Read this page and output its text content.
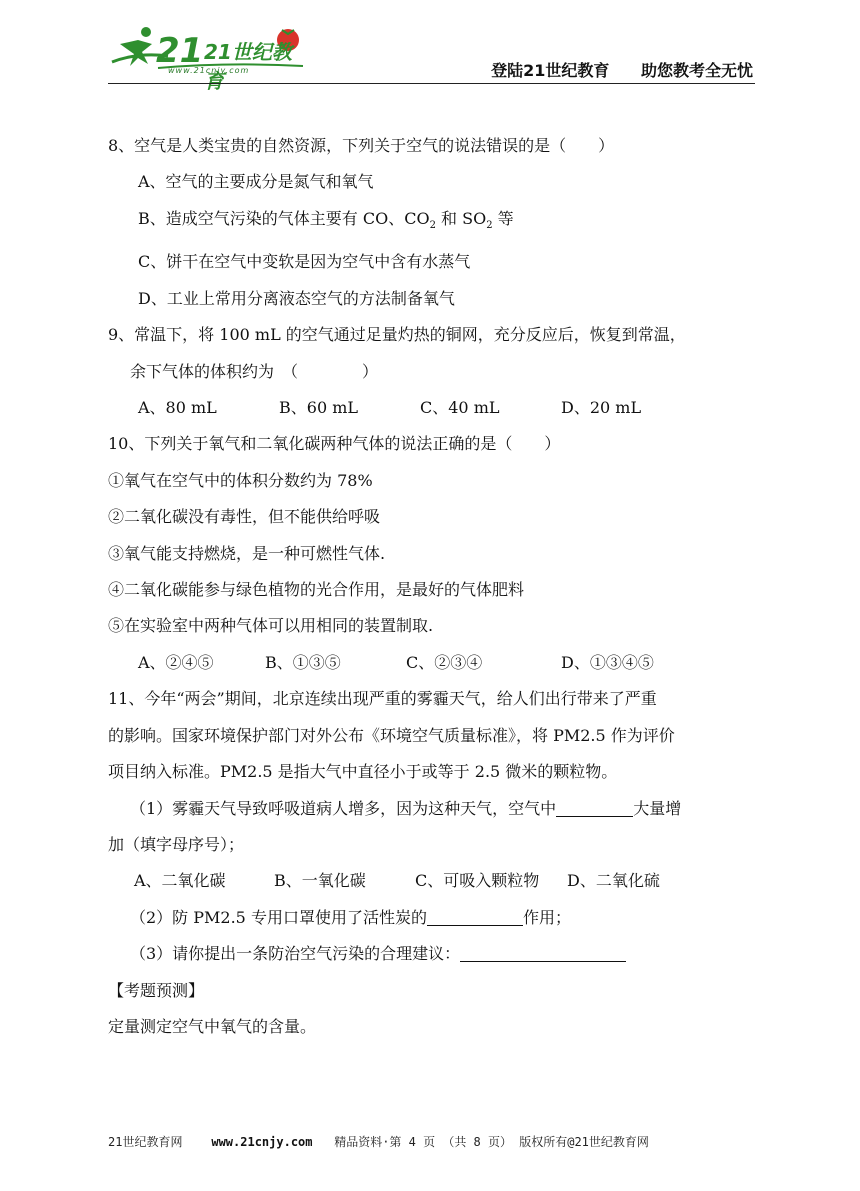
21 21世纪教育
www.21cnjy.com	登陆21世纪教育 助您教考全无忧
8、空气是人类宝贵的自然资源，下列关于空气的说法错误的是（　　）
A、空气的主要成分是氮气和氧气
B、造成空气污染的气体主要有 CO、$CO_2$ 和 $SO_2$ 等
C、饼干在空气中变软是因为空气中含有水蒸气
D、工业上常用分离液态空气的方法制备氧气
9、常温下，将 100 mL 的空气通过足量灼热的铜网，充分反应后，恢复到常温，
余下气体的体积约为　（　　　　）
A、80 mL	B、60 mL	C、40 mL	D、20 mL
10、下列关于氧气和二氧化碳两种气体的说法正确的是（　　）
①氧气在空气中的体积分数约为 78%
②二氧化碳没有毒性，但不能供给呼吸
③氧气能支持燃烧，是一种可燃性气体.
④二氧化碳能参与绿色植物的光合作用，是最好的气体肥料
⑤在实验室中两种气体可以用相同的装置制取.
A、②④⑤	B、①③⑤	C、②③④	D、①③④⑤
11、今年“两会”期间，北京连续出现严重的雾霾天气，给人们出行带来了严重
的影响。国家环境保护部门对外公布《环境空气质量标准》，将 PM2.5 作为评价
项目纳入标准。PM2.5 是指大气中直径小于或等于 2.5 微米的颗粒物。
（1）雾霾天气导致呼吸道病人增多，因为这种天气，空气中	大量增
加（填字母序号）；
A、二氧化碳	B、一氧化碳	C、可吸入颗粒物	D、二氧化硫
（2）防 PM2.5 专用口罩使用了活性炭的	作用；
（3）请你提出一条防治空气污染的合理建议：
【考题预测】
定量测定空气中氧气的含量。
21世纪教育网 www.21cnjy.com 精品资料·第 4 页 （共 8 页） 版权所有@21世纪教育网
